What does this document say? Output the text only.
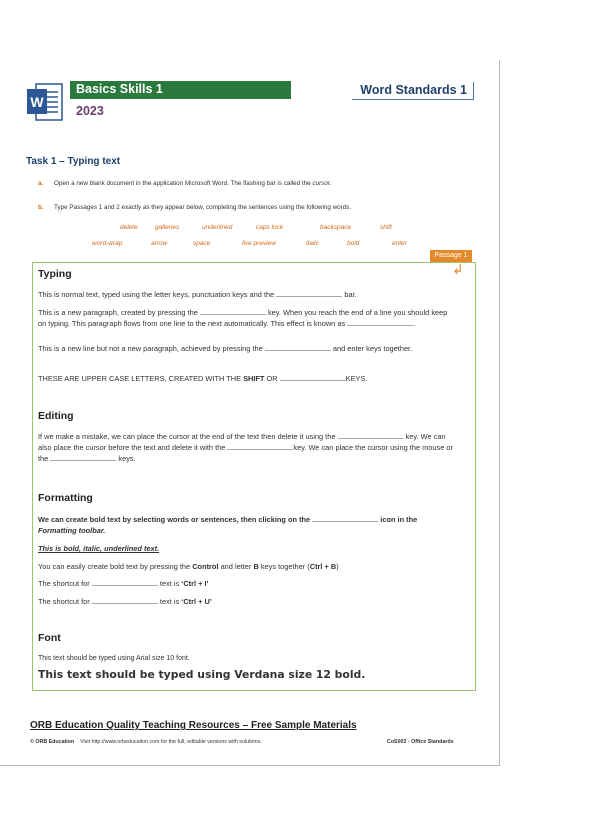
W
Basics Skills 1
2023
Word Standards 1
Task 1 – Typing text
a. Open a new blank document in the application Microsoft Word. The flashing bar is called the cursor.
b. Type Passages 1 and 2 exactly as they appear below, completing the sentences using the following words.
delete	galleries	underlined	caps lock	backspace	shift
word-wrap	arrow	space	live preview	italic	bold	enter
Passage 1
↲
Typing
This is normal text, typed using the letter keys, punctuation keys and the	bar.
This is a new paragraph, created by pressing the	key. When you reach the end of a line you should keep on typing. This paragraph flows from one line to the next automatically. This effect is known as	.
This is a new line but not a new paragraph, achieved by pressing the	and enter keys together.
THESE ARE UPPER CASE LETTERS, CREATED WITH THE SHIFT OR	KEYS.
Editing
If we make a mistake, we can place the cursor at the end of the text then delete it using the	key. We can also place the cursor before the text and delete it with the	key. We can place the cursor using the mouse or the	keys.
Formatting
We can create bold text by selecting words or sentences, then clicking on the	icon in the Formatting toolbar.
This is bold, italic, underlined text.
You can easily create bold text by pressing the Control and letter B keys together (Ctrl + B)
The shortcut for	text is ‘Ctrl + I’
The shortcut for	text is ‘Ctrl + U’
Font
This text should be typed using Arial size 10 font.
This text should be typed using Verdana size 12 bold.
ORB Education Quality Teaching Resources – Free Sample Materials
© ORB Education Visit http://www.orbeducation.com for the full, editable versions with solutions.	CoS002 - Office Standards
